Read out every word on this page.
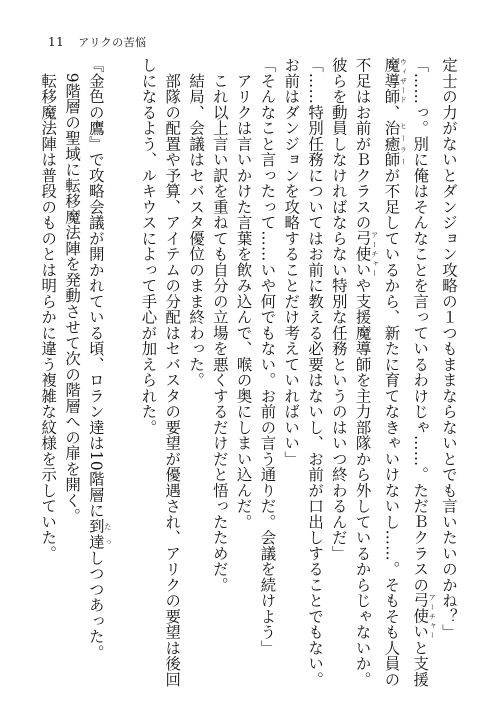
11 アリクの苦悩
定士の力がないとダンジョン攻略の１つもままならないとでも言いたいのかね？」
「……っ。別に俺はそんなことを言っているわけじゃ……。ただＢクラスの弓使い アーチャーと支援
魔導師 ウィザード、治癒師 ヒーラーが不足しているから、新たに育てなきゃいけないし……。そもそも人員の
不足はお前がＢクラスの弓使い アーチャーや支援魔導師を主力部隊から外しているからじゃないか。
彼らを動員しなければならない特別な任務というのはいつ終わるんだ」
「……特別任務についてはお前に教える必要はないし、お前が口出しすることでもない。
お前はダンジョンを攻略することだけ考えていればいい」
「そんなこと言ったって……いや何でもない。お前の言う通りだ。会議を続けよう」
　アリクは言いかけた言葉を飲み込んで、喉の奥にしまい込んだ。
　これ以上言い訳を重ねても自分の立場を悪くするだけだと悟ったためだ。
　結局、会議はセバスタ優位のまま終わった。
　部隊の配置や予算、アイテムの分配はセバスタの要望が優遇され、アリクの要望は後回
しになるよう、ルキウスによって手心が加えられた。
『金色の鷹』で攻略会議が開かれている頃、ロラン達は10階層に到達 たっしつつあった。
　9階層の聖域に転移魔法陣を発動させて次の階層への扉を開く。
　転移魔法陣は普段のものとは明らかに違う複雑な紋様を示していた。
